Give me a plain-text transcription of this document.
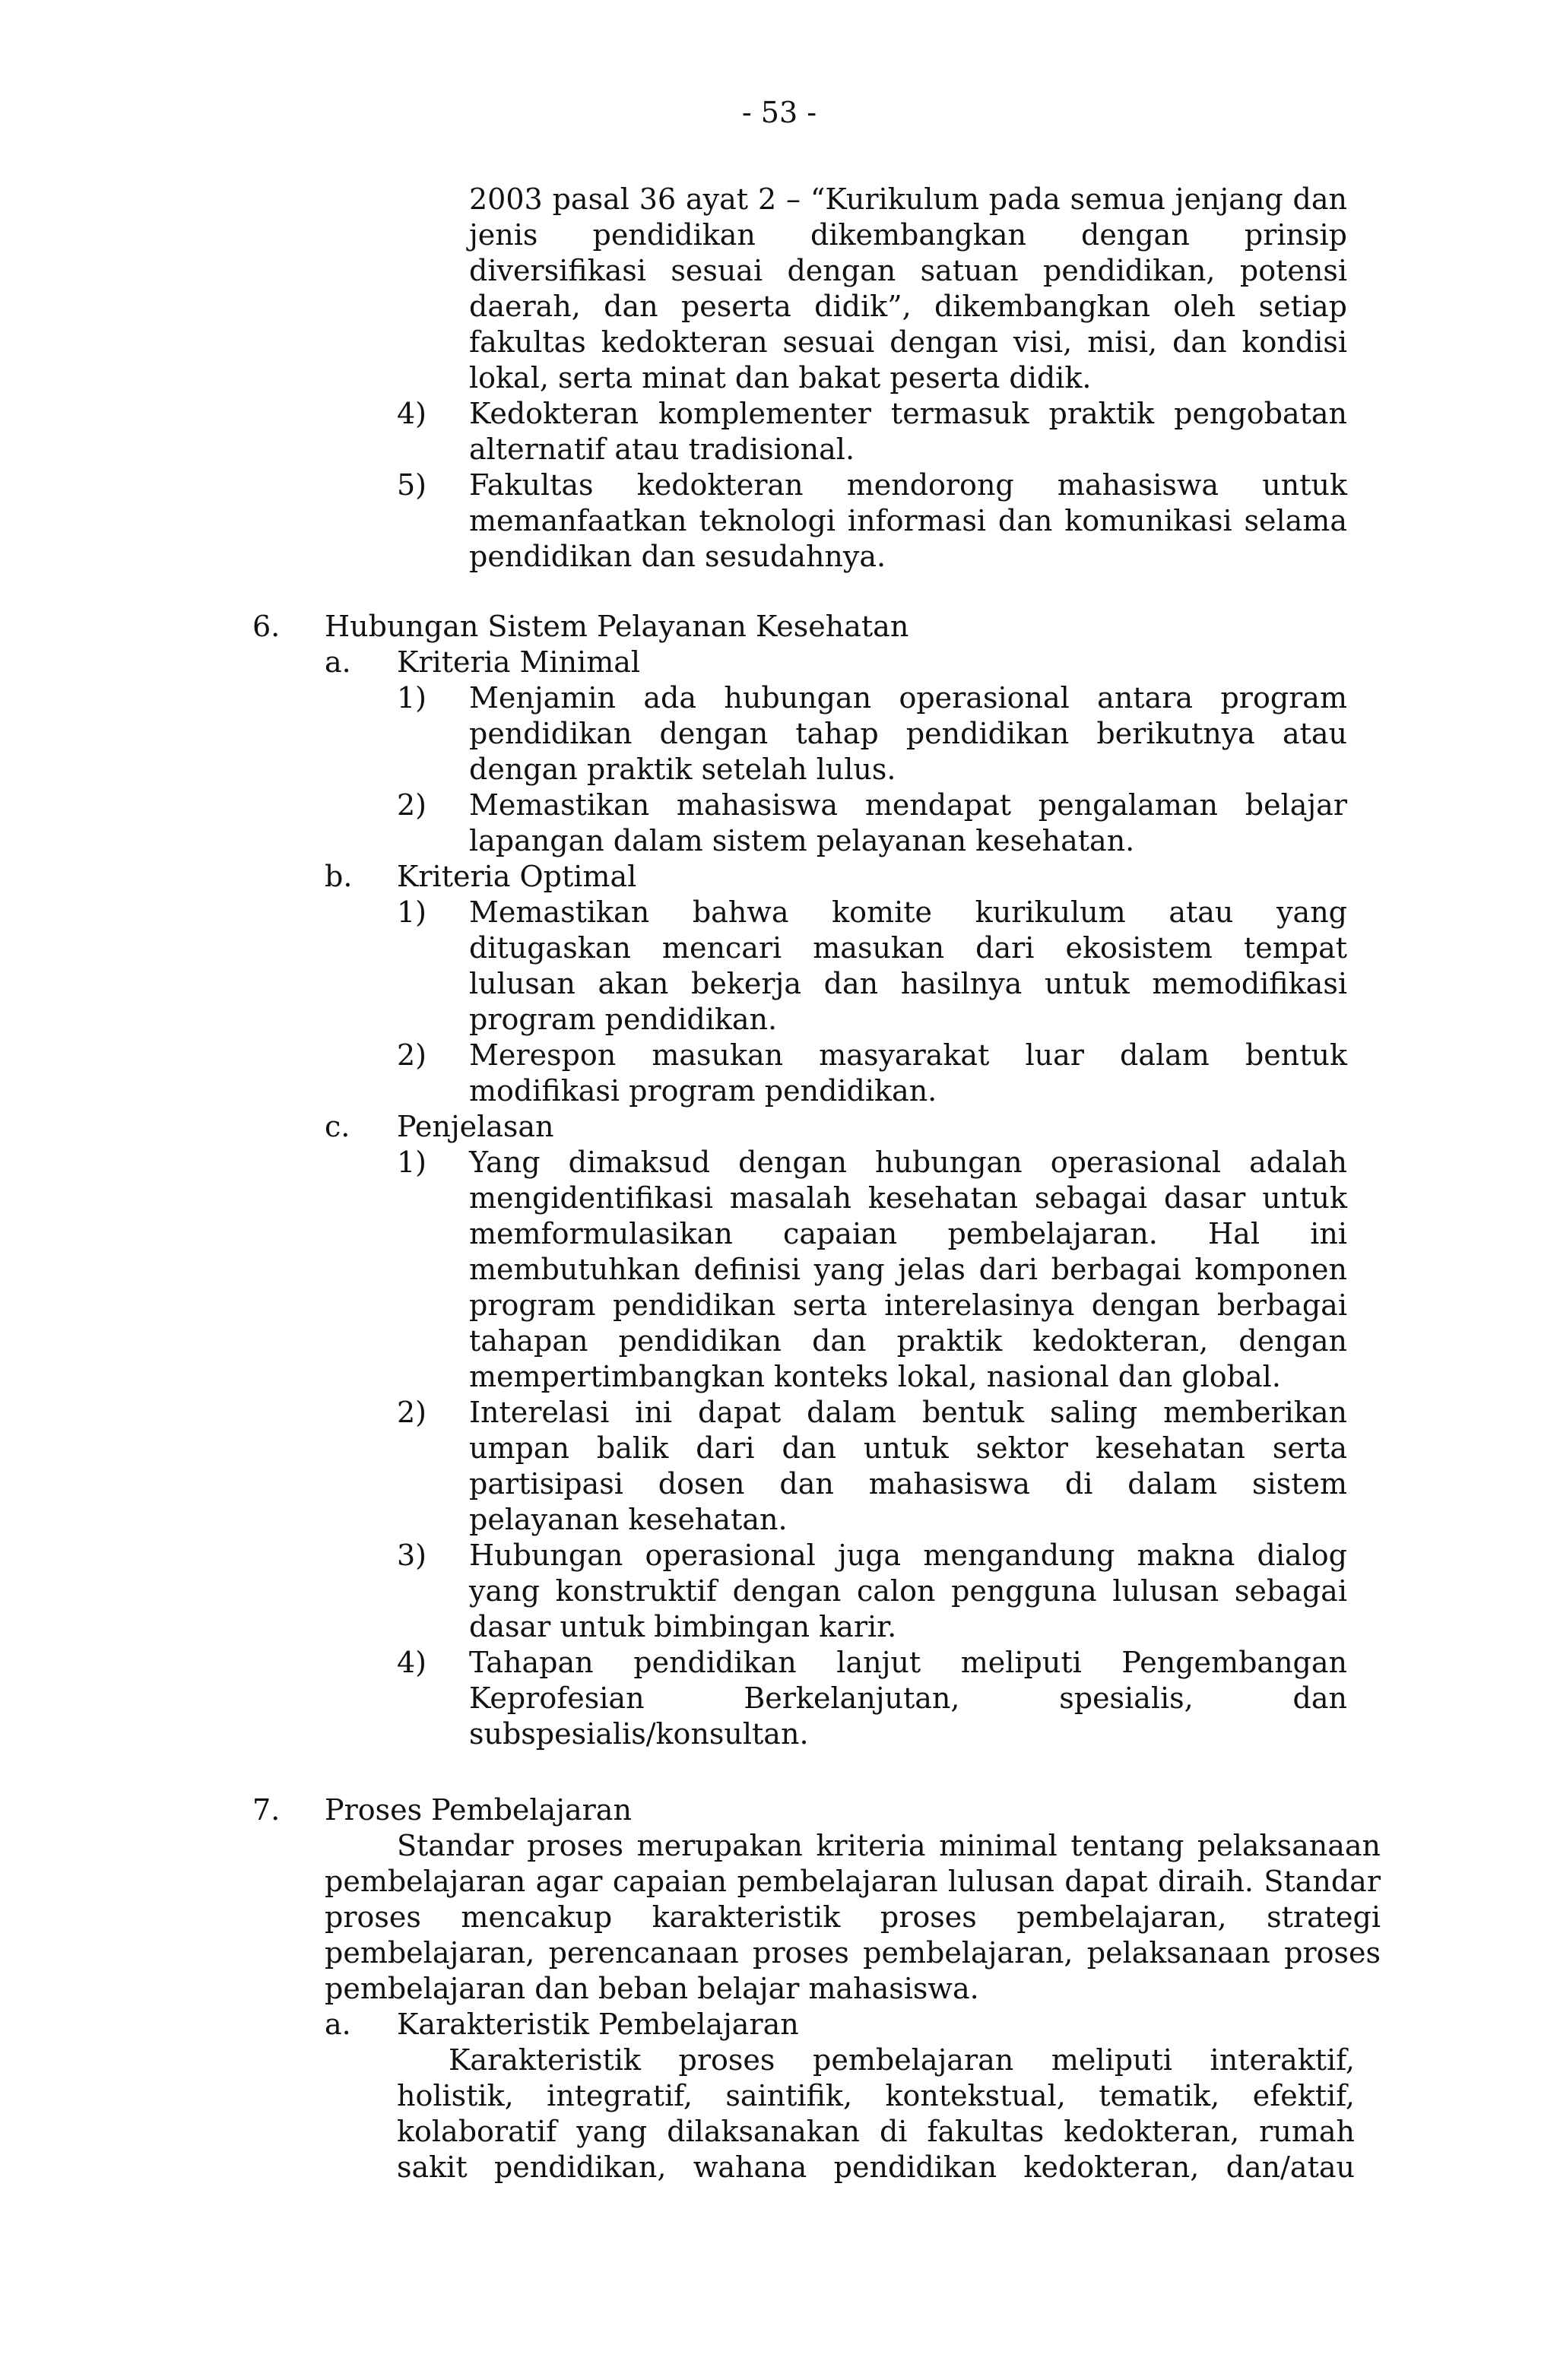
- 53 -
2003 pasal 36 ayat 2 – “Kurikulum pada semua jenjang dan
jenis pendidikan dikembangkan dengan prinsip
diversifikasi sesuai dengan satuan pendidikan, potensi
daerah, dan peserta didik”, dikembangkan oleh setiap
fakultas kedokteran sesuai dengan visi, misi, dan kondisi
lokal, serta minat dan bakat peserta didik.
4) Kedokteran komplementer termasuk praktik pengobatan
alternatif atau tradisional.
5) Fakultas kedokteran mendorong mahasiswa untuk
memanfaatkan teknologi informasi dan komunikasi selama
pendidikan dan sesudahnya.
6. Hubungan Sistem Pelayanan Kesehatan
a. Kriteria Minimal
1) Menjamin ada hubungan operasional antara program
pendidikan dengan tahap pendidikan berikutnya atau
dengan praktik setelah lulus.
2) Memastikan mahasiswa mendapat pengalaman belajar
lapangan dalam sistem pelayanan kesehatan.
b. Kriteria Optimal
1) Memastikan bahwa komite kurikulum atau yang
ditugaskan mencari masukan dari ekosistem tempat
lulusan akan bekerja dan hasilnya untuk memodifikasi
program pendidikan.
2) Merespon masukan masyarakat luar dalam bentuk
modifikasi program pendidikan.
c. Penjelasan
1) Yang dimaksud dengan hubungan operasional adalah
mengidentifikasi masalah kesehatan sebagai dasar untuk
memformulasikan capaian pembelajaran. Hal ini
membutuhkan definisi yang jelas dari berbagai komponen
program pendidikan serta interelasinya dengan berbagai
tahapan pendidikan dan praktik kedokteran, dengan
mempertimbangkan konteks lokal, nasional dan global.
2) Interelasi ini dapat dalam bentuk saling memberikan
umpan balik dari dan untuk sektor kesehatan serta
partisipasi dosen dan mahasiswa di dalam sistem
pelayanan kesehatan.
3) Hubungan operasional juga mengandung makna dialog
yang konstruktif dengan calon pengguna lulusan sebagai
dasar untuk bimbingan karir.
4) Tahapan pendidikan lanjut meliputi Pengembangan
Keprofesian Berkelanjutan, spesialis, dan
subspesialis/konsultan.
7. Proses Pembelajaran
Standar proses merupakan kriteria minimal tentang pelaksanaan
pembelajaran agar capaian pembelajaran lulusan dapat diraih. Standar
proses mencakup karakteristik proses pembelajaran, strategi
pembelajaran, perencanaan proses pembelajaran, pelaksanaan proses
pembelajaran dan beban belajar mahasiswa.
a. Karakteristik Pembelajaran
Karakteristik proses pembelajaran meliputi interaktif,
holistik, integratif, saintifik, kontekstual, tematik, efektif,
kolaboratif yang dilaksanakan di fakultas kedokteran, rumah
sakit pendidikan, wahana pendidikan kedokteran, dan/atau
